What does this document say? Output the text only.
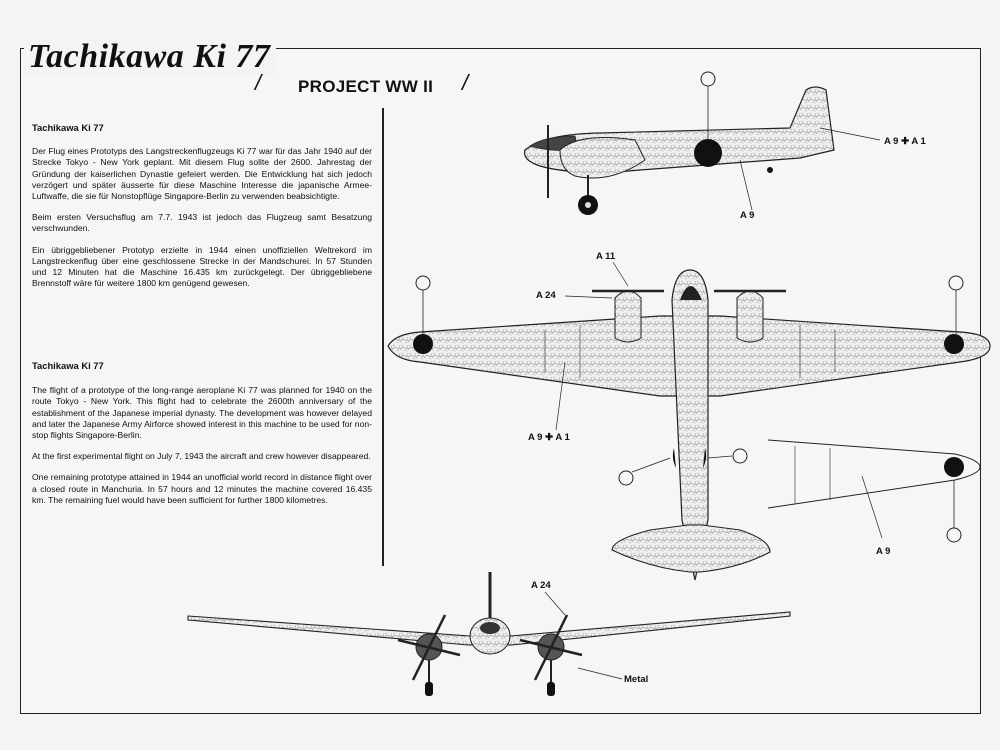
Tachikawa Ki 77
/ PROJECT WW II /
Tachikawa Ki 77

Der Flug eines Prototyps des Langstreckenflugzeugs Ki 77 war für das Jahr 1940 auf der Strecke Tokyo - New York geplant. Mit diesem Flug sollte der 2600. Jahrestag der Gründung der kaiserlichen Dynastie gefeiert werden. Die Entwicklung hat sich jedoch verzögert und später äusserte für diese Maschine Interesse die japanische Armee-Luftwaffe, die sie für Nonstopflüge Singapore-Berlin zu verwenden beabsichtigte.

Beim ersten Versuchsflug am 7.7. 1943 ist jedoch das Flugzeug samt Besatzung verschwunden.

Ein übriggebliebener Prototyp erzielte in 1944 einen unoffiziellen Weltrekord im Langstreckenflug über eine geschlossene Strecke in der Mandschurei. In 57 Stunden und 12 Minuten hat die Maschine 16.435 km zurückgelegt. Der übriggebliebene Brennstoff wäre für weitere 1800 km genügend gewesen.

Tachikawa Ki 77

The flight of a prototype of the long-range aeroplane Ki 77 was planned for 1940 on the route Tokyo - New York. This flight had to celebrate the 2600th anniversary of the establishment of the Japanese imperial dynasty. The development was however delayed and later the Japanese Army Airforce showed interest in this machine to be used for non-stop flights Singapore-Berlin.

At the first experimental flight on July 7, 1943 the aircraft and crew however disappeared.

One remaining prototype attained in 1944 an unofficial world record in distance flight over a closed route in Manchuria. In 57 hours and 12 minutes the machine covered 16.435 km. The remaining fuel would have been sufficient for further 1800 kilometres.

A 9 ✚ A 1
A 9
A 11
A 24
A 9 ✚ A 1
A 9
A 24
Metal
